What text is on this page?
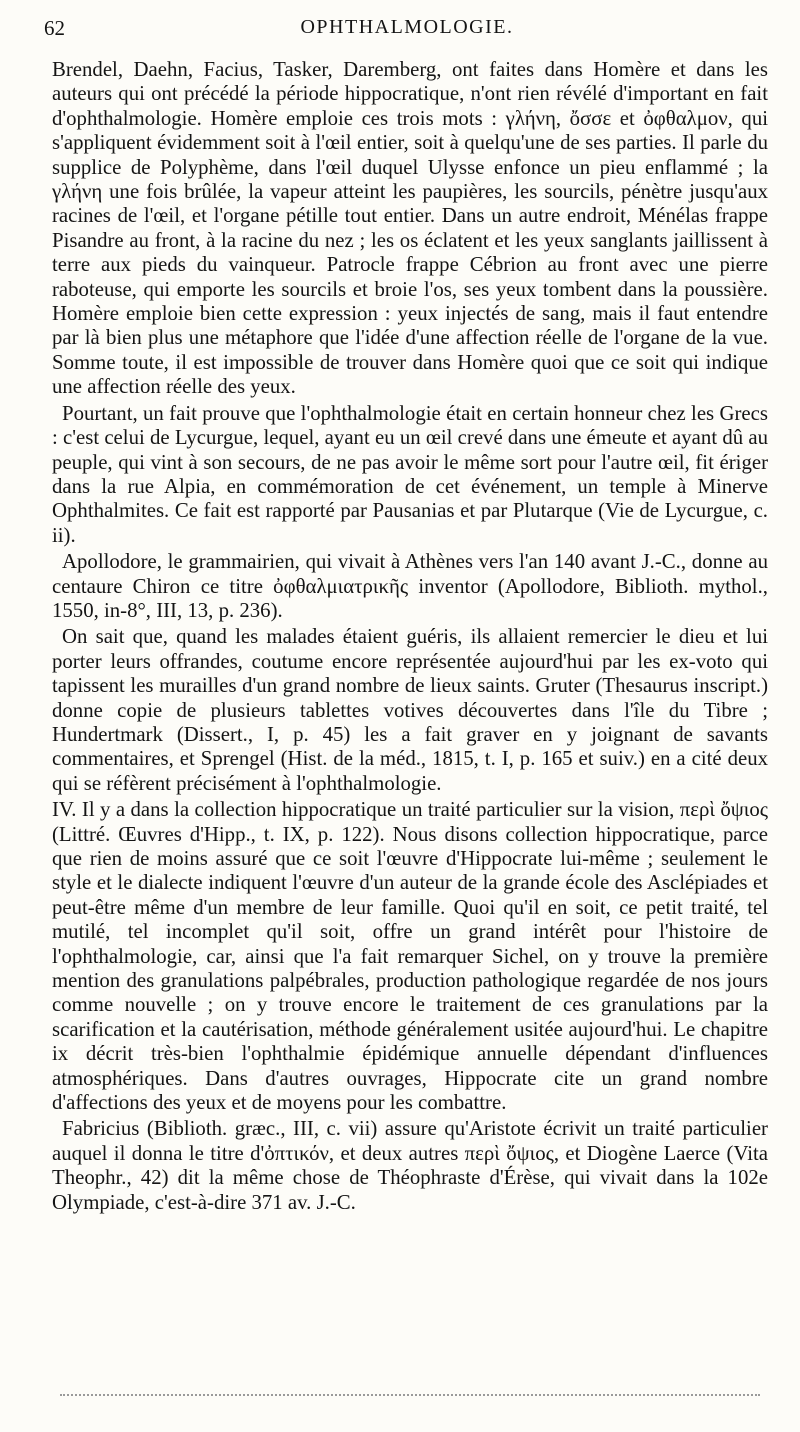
62	OPHTHALMOLOGIE.

Brendel, Daehn, Facius, Tasker, Daremberg, ont faites dans Homère et dans les auteurs qui ont précédé la période hippocratique, n'ont rien révélé d'important en fait d'ophthalmologie. Homère emploie ces trois mots : γλήνη, ὄσσε et ὀφθαλμον, qui s'appliquent évidemment soit à l'œil entier, soit à quelqu'une de ses parties. Il parle du supplice de Polyphème, dans l'œil duquel Ulysse enfonce un pieu enflammé ; la γλήνη une fois brûlée, la vapeur atteint les paupières, les sourcils, pénètre jusqu'aux racines de l'œil, et l'organe pétille tout entier. Dans un autre endroit, Ménélas frappe Pisandre au front, à la racine du nez ; les os éclatent et les yeux sanglants jaillissent à terre aux pieds du vainqueur. Patrocle frappe Cébrion au front avec une pierre raboteuse, qui emporte les sourcils et broie l'os, ses yeux tombent dans la poussière. Homère emploie bien cette expression : yeux injectés de sang, mais il faut entendre par là bien plus une métaphore que l'idée d'une affection réelle de l'organe de la vue. Somme toute, il est impossible de trouver dans Homère quoi que ce soit qui indique une affection réelle des yeux.

Pourtant, un fait prouve que l'ophthalmologie était en certain honneur chez les Grecs : c'est celui de Lycurgue, lequel, ayant eu un œil crevé dans une émeute et ayant dû au peuple, qui vint à son secours, de ne pas avoir le même sort pour l'autre œil, fit ériger dans la rue Alpia, en commémoration de cet événement, un temple à Minerve Ophthalmites. Ce fait est rapporté par Pausanias et par Plutarque (Vie de Lycurgue, c. ii).

Apollodore, le grammairien, qui vivait à Athènes vers l'an 140 avant J.-C., donne au centaure Chiron ce titre ὀφθαλμιατρικῆς inventor (Apollodore, Biblioth. mythol., 1550, in-8°, III, 13, p. 236).

On sait que, quand les malades étaient guéris, ils allaient remercier le dieu et lui porter leurs offrandes, coutume encore représentée aujourd'hui par les ex-voto qui tapissent les murailles d'un grand nombre de lieux saints. Gruter (Thesaurus inscript.) donne copie de plusieurs tablettes votives découvertes dans l'île du Tibre ; Hundertmark (Dissert., I, p. 45) les a fait graver en y joignant de savants commentaires, et Sprengel (Hist. de la méd., 1815, t. I, p. 165 et suiv.) en a cité deux qui se réfèrent précisément à l'ophthalmologie.

IV. Il y a dans la collection hippocratique un traité particulier sur la vision, περὶ ὄψιος (Littré. Œuvres d'Hipp., t. IX, p. 122). Nous disons collection hippocratique, parce que rien de moins assuré que ce soit l'œuvre d'Hippocrate lui-même ; seulement le style et le dialecte indiquent l'œuvre d'un auteur de la grande école des Asclépiades et peut-être même d'un membre de leur famille. Quoi qu'il en soit, ce petit traité, tel mutilé, tel incomplet qu'il soit, offre un grand intérêt pour l'histoire de l'ophthalmologie, car, ainsi que l'a fait remarquer Sichel, on y trouve la première mention des granulations palpébrales, production pathologique regardée de nos jours comme nouvelle ; on y trouve encore le traitement de ces granulations par la scarification et la cautérisation, méthode généralement usitée aujourd'hui. Le chapitre ix décrit très-bien l'ophthalmie épidémique annuelle dépendant d'influences atmosphériques. Dans d'autres ouvrages, Hippocrate cite un grand nombre d'affections des yeux et de moyens pour les combattre.

Fabricius (Biblioth. græc., III, c. vii) assure qu'Aristote écrivit un traité particulier auquel il donna le titre d'ὀπτικόν, et deux autres περὶ ὄψιος, et Diogène Laerce (Vita Theophr., 42) dit la même chose de Théophraste d'Érèse, qui vivait dans la 102e Olympiade, c'est-à-dire 371 av. J.-C.
